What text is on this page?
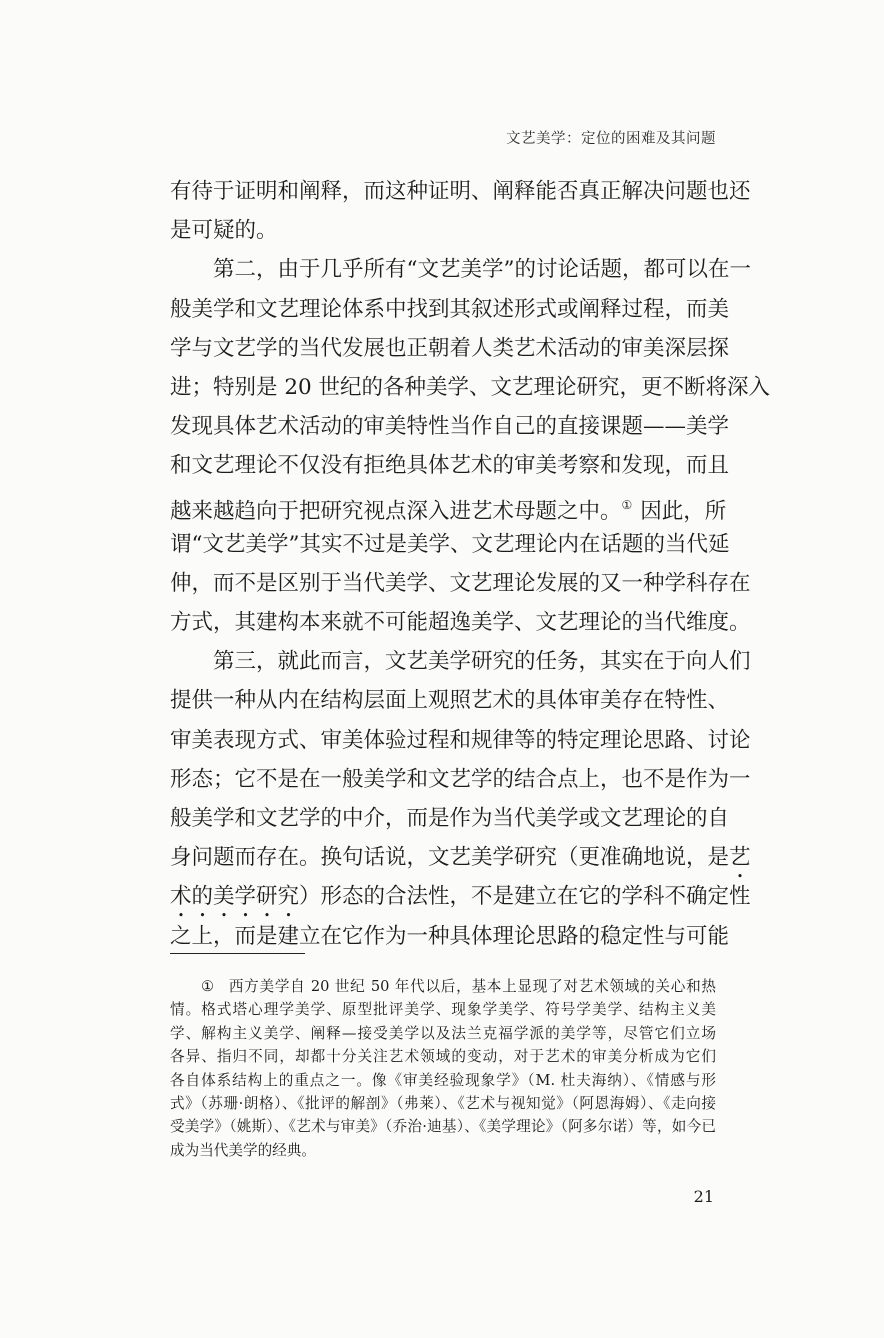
文艺美学：定位的困难及其问题
有待于证明和阐释，而这种证明、阐释能否真正解决问题也还
是可疑的。
第二，由于几乎所有“文艺美学”的讨论话题，都可以在一
般美学和文艺理论体系中找到其叙述形式或阐释过程，而美
学与文艺学的当代发展也正朝着人类艺术活动的审美深层探
进；特别是 20 世纪的各种美学、文艺理论研究，更不断将深入
发现具体艺术活动的审美特性当作自己的直接课题——美学
和文艺理论不仅没有拒绝具体艺术的审美考察和发现，而且
越来越趋向于把研究视点深入进艺术母题之中。① 因此，所
谓“文艺美学”其实不过是美学、文艺理论内在话题的当代延
伸，而不是区别于当代美学、文艺理论发展的又一种学科存在
方式，其建构本来就不可能超逸美学、文艺理论的当代维度。
第三，就此而言，文艺美学研究的任务，其实在于向人们
提供一种从内在结构层面上观照艺术的具体审美存在特性、
审美表现方式、审美体验过程和规律等的特定理论思路、讨论
形态；它不是在一般美学和文艺学的结合点上，也不是作为一
般美学和文艺学的中介，而是作为当代美学或文艺理论的自
身问题而存在。换句话说，文艺美学研究（更准确地说，是艺
术的美学研究）形态的合法性，不是建立在它的学科不确定性
之上，而是建立在它作为一种具体理论思路的稳定性与可能
① 西方美学自 20 世纪 50 年代以后，基本上显现了对艺术领域的关心和热
情。格式塔心理学美学、原型批评美学、现象学美学、符号学美学、结构主义美
学、解构主义美学、阐释—接受美学以及法兰克福学派的美学等，尽管它们立场
各异、指归不同，却都十分关注艺术领域的变动，对于艺术的审美分析成为它们
各自体系结构上的重点之一。像《审美经验现象学》（M. 杜夫海纳）、《情感与形
式》（苏珊·朗格）、《批评的解剖》（弗莱）、《艺术与视知觉》（阿恩海姆）、《走向接
受美学》（姚斯）、《艺术与审美》（乔治·迪基）、《美学理论》（阿多尔诺）等，如今已
成为当代美学的经典。
21
